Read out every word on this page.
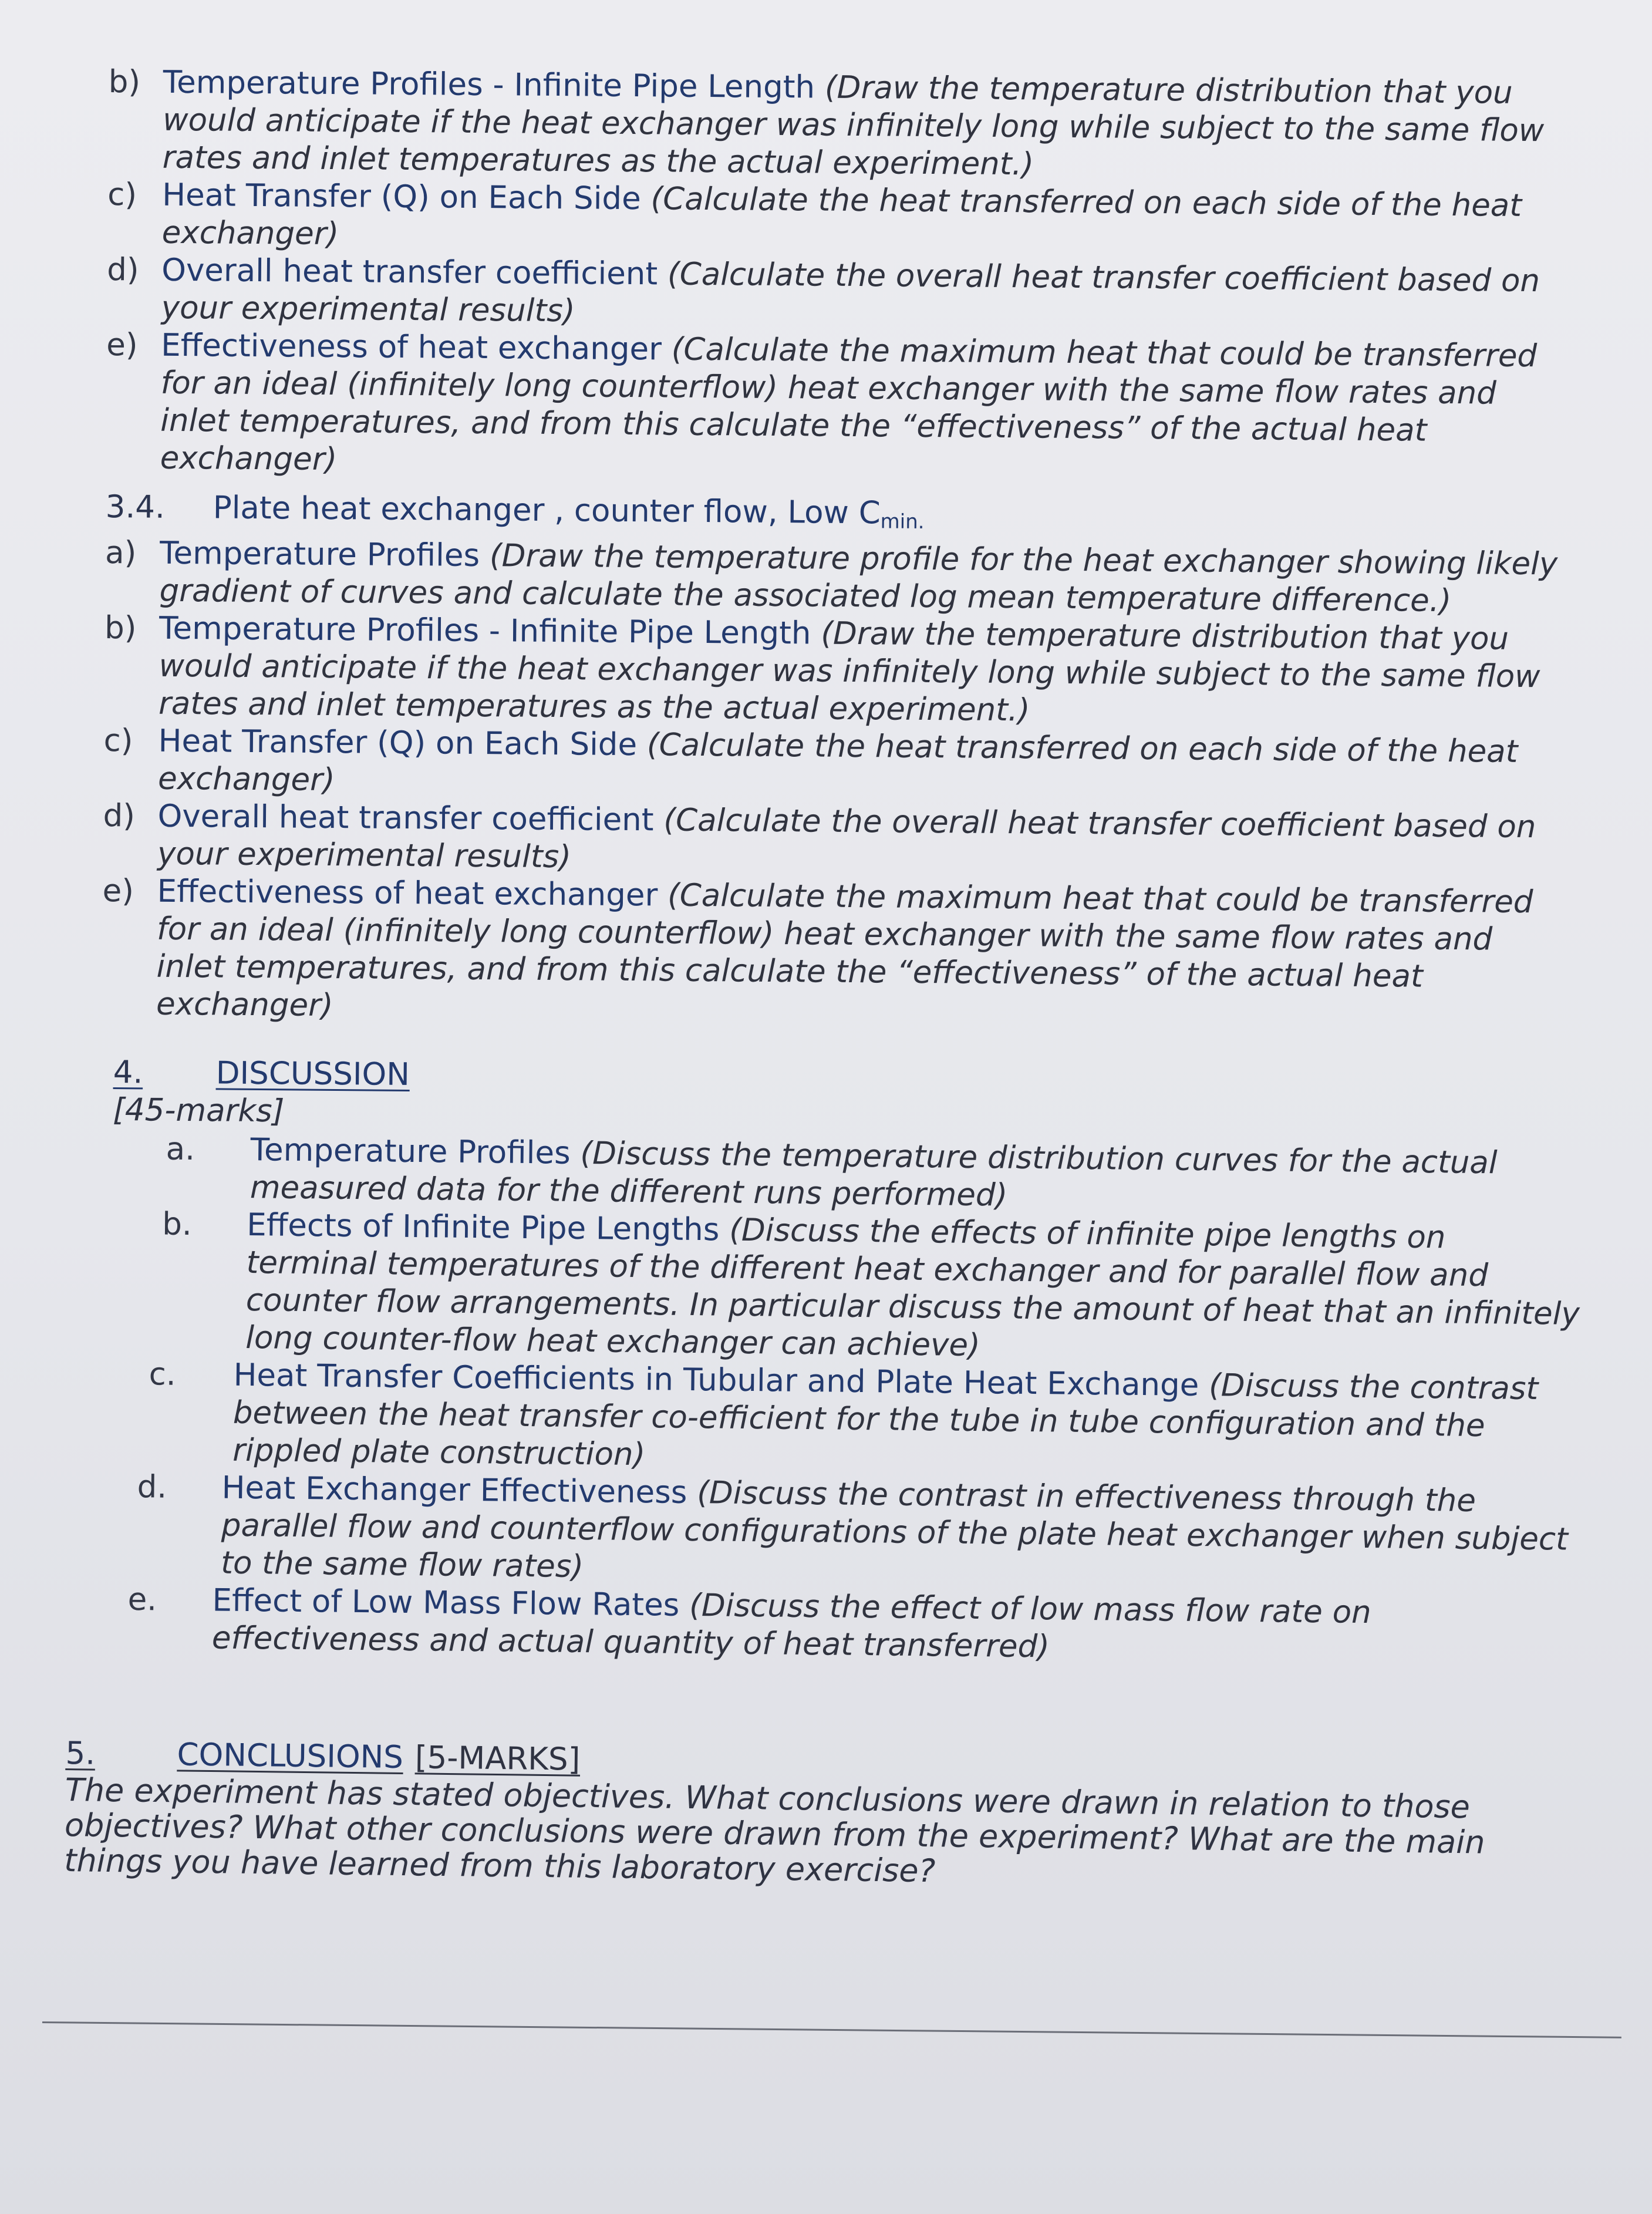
b) Temperature Profiles - Infinite Pipe Length (Draw the temperature distribution that you would anticipate if the heat exchanger was infinitely long while subject to the same flow rates and inlet temperatures as the actual experiment.)
c) Heat Transfer (Q) on Each Side (Calculate the heat transferred on each side of the heat exchanger)
d) Overall heat transfer coefficient (Calculate the overall heat transfer coefficient based on your experimental results)
e) Effectiveness of heat exchanger (Calculate the maximum heat that could be transferred for an ideal (infinitely long counterflow) heat exchanger with the same flow rates and inlet temperatures, and from this calculate the “effectiveness” of the actual heat exchanger)
3.4.	Plate heat exchanger , counter flow, Low $C_{min.}$
a) Temperature Profiles (Draw the temperature profile for the heat exchanger showing likely gradient of curves and calculate the associated log mean temperature difference.)
b) Temperature Profiles - Infinite Pipe Length (Draw the temperature distribution that you would anticipate if the heat exchanger was infinitely long while subject to the same flow rates and inlet temperatures as the actual experiment.)
c) Heat Transfer (Q) on Each Side (Calculate the heat transferred on each side of the heat exchanger)
d) Overall heat transfer coefficient (Calculate the overall heat transfer coefficient based on your experimental results)
e) Effectiveness of heat exchanger (Calculate the maximum heat that could be transferred for an ideal (infinitely long counterflow) heat exchanger with the same flow rates and inlet temperatures, and from this calculate the “effectiveness” of the actual heat exchanger)
4.	DISCUSSION
[45-marks]
a. Temperature Profiles (Discuss the temperature distribution curves for the actual measured data for the different runs performed)
b. Effects of Infinite Pipe Lengths (Discuss the effects of infinite pipe lengths on terminal temperatures of the different heat exchanger and for parallel flow and counter flow arrangements. In particular discuss the amount of heat that an infinitely long counter-flow heat exchanger can achieve)
c. Heat Transfer Coefficients in Tubular and Plate Heat Exchange (Discuss the contrast between the heat transfer co-efficient for the tube in tube configuration and the rippled plate construction)
d. Heat Exchanger Effectiveness (Discuss the contrast in effectiveness through the parallel flow and counterflow configurations of the plate heat exchanger when subject to the same flow rates)
e. Effect of Low Mass Flow Rates (Discuss the effect of low mass flow rate on effectiveness and actual quantity of heat transferred)
5.	CONCLUSIONS [5-MARKS]
The experiment has stated objectives. What conclusions were drawn in relation to those objectives? What other conclusions were drawn from the experiment? What are the main things you have learned from this laboratory exercise?
